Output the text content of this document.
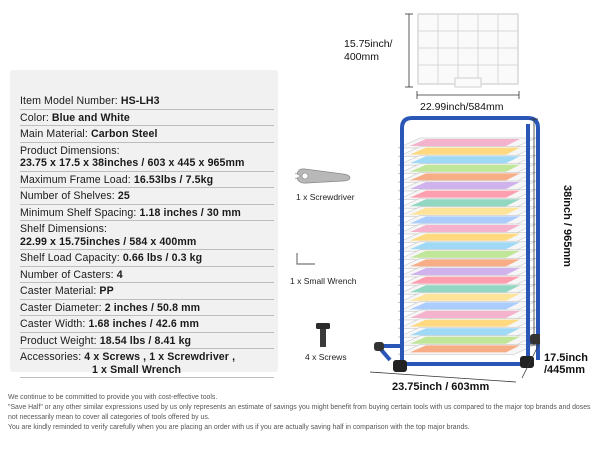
Item Model Number: HS-LH3
Color: Blue and White
Main Material: Carbon Steel
Product Dimensions:
23.75 x 17.5 x 38inches / 603 x 445 x 965mm
Maximum Frame Load: 16.53lbs / 7.5kg
Number of Shelves: 25
Minimum Shelf Spacing: 1.18 inches / 30 mm
Shelf Dimensions:
22.99 x 15.75inches / 584 x 400mm
Shelf Load Capacity: 0.66 lbs / 0.3 kg
Number of Casters: 4
Caster Material: PP
Caster Diameter: 2 inches / 50.8 mm
Caster Width: 1.68 inches / 42.6 mm
Product Weight: 18.54 lbs / 8.41 kg
Accessories: 4 x Screws , 1 x Screwdriver ,
1 x Small Wrench
15.75inch/
400mm
22.99inch/584mm
38inch / 965mm
23.75inch / 603mm
17.5inch
/445mm
1 x Screwdriver
1 x Small Wrench
4 x Screws

We continue to be committed to provide you with cost-effective tools.

"Save Half" or any other similar expressions used by us only represents an estimate of savings you might benefit from buying certain tools with us compared to the major top brands and doses not necessarily mean to cover all categories of tools offered by us.

You are kindly reminded to verify carefully when you are placing an order with us if you are actually saving half in comparison with the top major brands.
